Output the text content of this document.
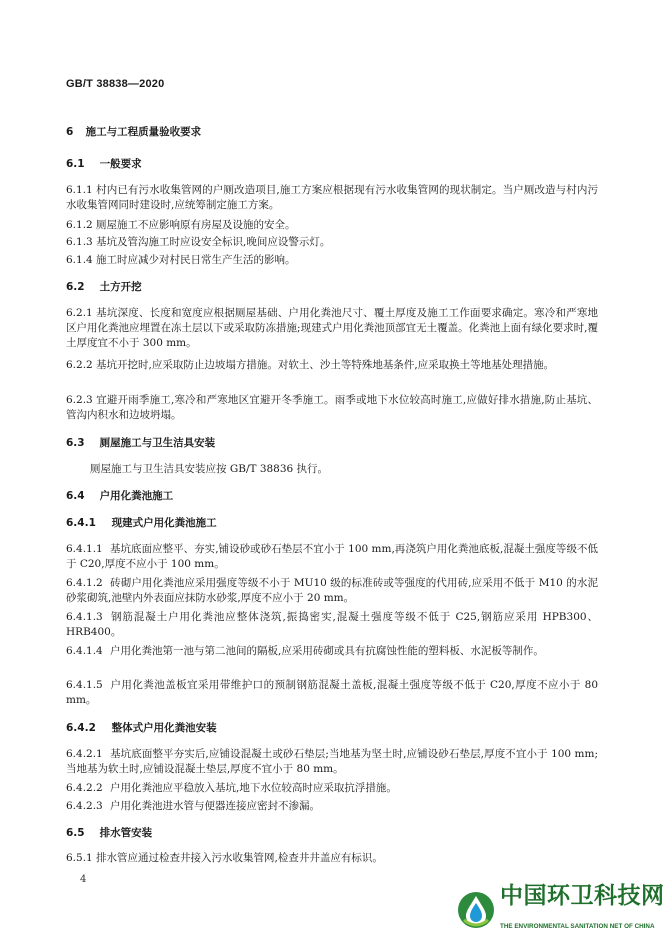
GB/T 38838—2020
6 施工与工程质量验收要求
6.1 一般要求
6.1.1 村内已有污水收集管网的户厕改造项目,施工方案应根据现有污水收集管网的现状制定。当户厕改造与村内污水收集管网同时建设时,应统筹制定施工方案。
6.1.2 厕屋施工不应影响原有房屋及设施的安全。
6.1.3 基坑及管沟施工时应设安全标识,晚间应设警示灯。
6.1.4 施工时应减少对村民日常生产生活的影响。
6.2 土方开挖
6.2.1 基坑深度、长度和宽度应根据厕屋基础、户用化粪池尺寸、覆土厚度及施工工作面要求确定。寒冷和严寒地区户用化粪池应埋置在冻土层以下或采取防冻措施;现建式户用化粪池顶部宜无土覆盖。化粪池上面有绿化要求时,覆土厚度宜不小于 300 mm。
6.2.2 基坑开挖时,应采取防止边坡塌方措施。对软土、沙土等特殊地基条件,应采取换土等地基处理措施。
6.2.3 宜避开雨季施工,寒冷和严寒地区宜避开冬季施工。雨季或地下水位较高时施工,应做好排水措施,防止基坑、管沟内积水和边坡坍塌。
6.3 厕屋施工与卫生洁具安装
厕屋施工与卫生洁具安装应按 GB/T 38836 执行。
6.4 户用化粪池施工
6.4.1 现建式户用化粪池施工
6.4.1.1 基坑底面应整平、夯实,铺设砂或砂石垫层不宜小于 100 mm,再浇筑户用化粪池底板,混凝土强度等级不低于 C20,厚度不应小于 100 mm。
6.4.1.2 砖砌户用化粪池应采用强度等级不小于 MU10 级的标准砖或等强度的代用砖,应采用不低于 M10 的水泥砂浆砌筑,池壁内外表面应抹防水砂浆,厚度不应小于 20 mm。
6.4.1.3 钢筋混凝土户用化粪池应整体浇筑,振捣密实,混凝土强度等级不低于 C25,钢筋应采用 HPB300、HRB400。
6.4.1.4 户用化粪池第一池与第二池间的隔板,应采用砖砌或具有抗腐蚀性能的塑料板、水泥板等制作。
6.4.1.5 户用化粪池盖板宜采用带维护口的预制钢筋混凝土盖板,混凝土强度等级不低于 C20,厚度不应小于 80 mm。
6.4.2 整体式户用化粪池安装
6.4.2.1 基坑底面整平夯实后,应铺设混凝土或砂石垫层;当地基为坚土时,应铺设砂石垫层,厚度不宜小于 100 mm;当地基为软土时,应铺设混凝土垫层,厚度不宜小于 80 mm。
6.4.2.2 户用化粪池应平稳放入基坑,地下水位较高时应采取抗浮措施。
6.4.2.3 户用化粪池进水管与便器连接应密封不渗漏。
6.5 排水管安装
6.5.1 排水管应通过检查井接入污水收集管网,检查井井盖应有标识。
4
中国环卫科技网
THE ENVIRONMENTAL SANITATION NET OF CHINA
